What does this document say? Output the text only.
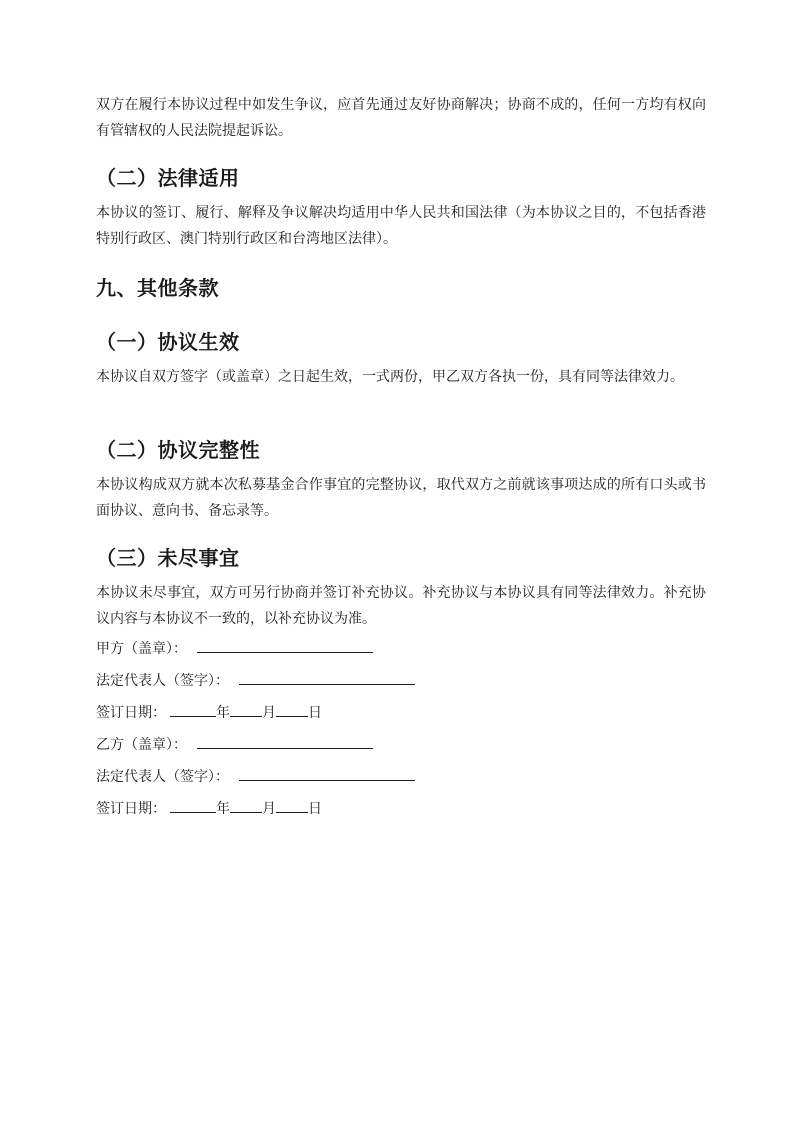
双方在履行本协议过程中如发生争议，应首先通过友好协商解决；协商不成的，任何一方均有权向有管辖权的人民法院提起诉讼。

（二）法律适用

本协议的签订、履行、解释及争议解决均适用中华人民共和国法律（为本协议之目的，不包括香港特别行政区、澳门特别行政区和台湾地区法律）。

九、其他条款
（一）协议生效

本协议自双方签字（或盖章）之日起生效，一式两份，甲乙双方各执一份，具有同等法律效力。

（二）协议完整性

本协议构成双方就本次私募基金合作事宜的完整协议，取代双方之前就该事项达成的所有口头或书面协议、意向书、备忘录等。

（三）未尽事宜

本协议未尽事宜，双方可另行协商并签订补充协议。补充协议与本协议具有同等法律效力。补充协议内容与本协议不一致的，以补充协议为准。

甲方（盖章）：
法定代表人（签字）：
签订日期：	年 月 日
乙方（盖章）：
法定代表人（签字）：
签订日期：	年 月 日
